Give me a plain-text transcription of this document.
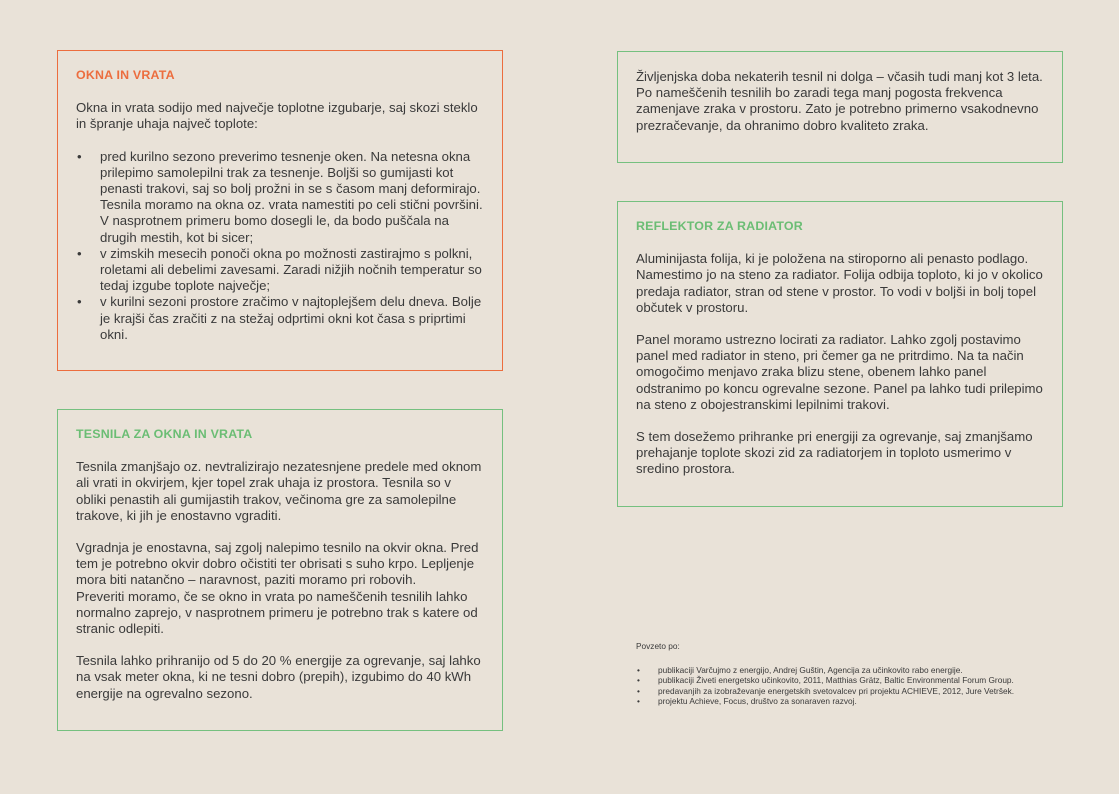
OKNA IN VRATA

Okna in vrata sodijo med največje toplotne izgubarje, saj skozi steklo in špranje uhaja največ toplote:

• pred kurilno sezono preverimo tesnenje oken. Na netesna okna prilepimo samolepilni trak za tesnenje. Boljši so gumijasti kot penasti trakovi, saj so bolj prožni in se s časom manj deformirajo. Tesnila moramo na okna oz. vrata namestiti po celi stični površini. V nasprotnem primeru bomo dosegli le, da bodo puščala na drugih mestih, kot bi sicer;
• v zimskih mesecih ponoči okna po možnosti zastirajmo s polkni, roletami ali debelimi zavesami. Zaradi nižjih nočnih temperatur so tedaj izgube toplote največje;
• v kurilni sezoni prostore zračimo v najtoplejšem delu dneva. Bolje je krajši čas zračiti z na stežaj odprtimi okni kot časa s priprtimi okni.
TESNILA ZA OKNA IN VRATA

Tesnila zmanjšajo oz. nevtralizirajo nezatesnjene predele med oknom ali vrati in okvirjem, kjer topel zrak uhaja iz prostora. Tesnila so v obliki penastih ali gumijastih trakov, večinoma gre za samolepilne trakove, ki jih je enostavno vgraditi.

Vgradnja je enostavna, saj zgolj nalepimo tesnilo na okvir okna. Pred tem je potrebno okvir dobro očistiti ter obrisati s suho krpo. Lepljenje mora biti natančno – naravnost, paziti moramo pri robovih.

Preveriti moramo, če se okno in vrata po nameščenih tesnilih lahko normalno zaprejo, v nasprotnem primeru je potrebno trak s katere od stranic odlepiti.

Tesnila lahko prihranijo od 5 do 20 % energije za ogrevanje, saj lahko na vsak meter okna, ki ne tesni dobro (prepih), izgubimo do 40 kWh energije na ogrevalno sezono.

Življenjska doba nekaterih tesnil ni dolga – včasih tudi manj kot 3 leta. Po nameščenih tesnilih bo zaradi tega manj pogosta frekvenca zamenjave zraka v prostoru. Zato je potrebno primerno vsakodnevno prezračevanje, da ohranimo dobro kvaliteto zraka.

REFLEKTOR ZA RADIATOR

Aluminijasta folija, ki je položena na stiroporno ali penasto podlago. Namestimo jo na steno za radiator. Folija odbija toploto, ki jo v okolico predaja radiator, stran od stene v prostor. To vodi v boljši in bolj topel občutek v prostoru.

Panel moramo ustrezno locirati za radiator. Lahko zgolj postavimo panel med radiator in steno, pri čemer ga ne pritrdimo. Na ta način omogočimo menjavo zraka blizu stene, obenem lahko panel odstranimo po koncu ogrevalne sezone. Panel pa lahko tudi prilepimo na steno z obojestranskimi lepilnimi trakovi.

S tem dosežemo prihranke pri energiji za ogrevanje, saj zmanjšamo prehajanje toplote skozi zid za radiatorjem in toploto usmerimo v sredino prostora.

Povzeto po:
• publikaciji Varčujmo z energijo, Andrej Guštin, Agencija za učinkovito rabo energije.
• publikaciji Živeti energetsko učinkovito, 2011, Matthias Grätz, Baltic Environmental Forum Group.
• predavanjih za izobraževanje energetskih svetovalcev pri projektu ACHIEVE, 2012, Jure Vetršek.
• projektu Achieve, Focus, društvo za sonaraven razvoj.
